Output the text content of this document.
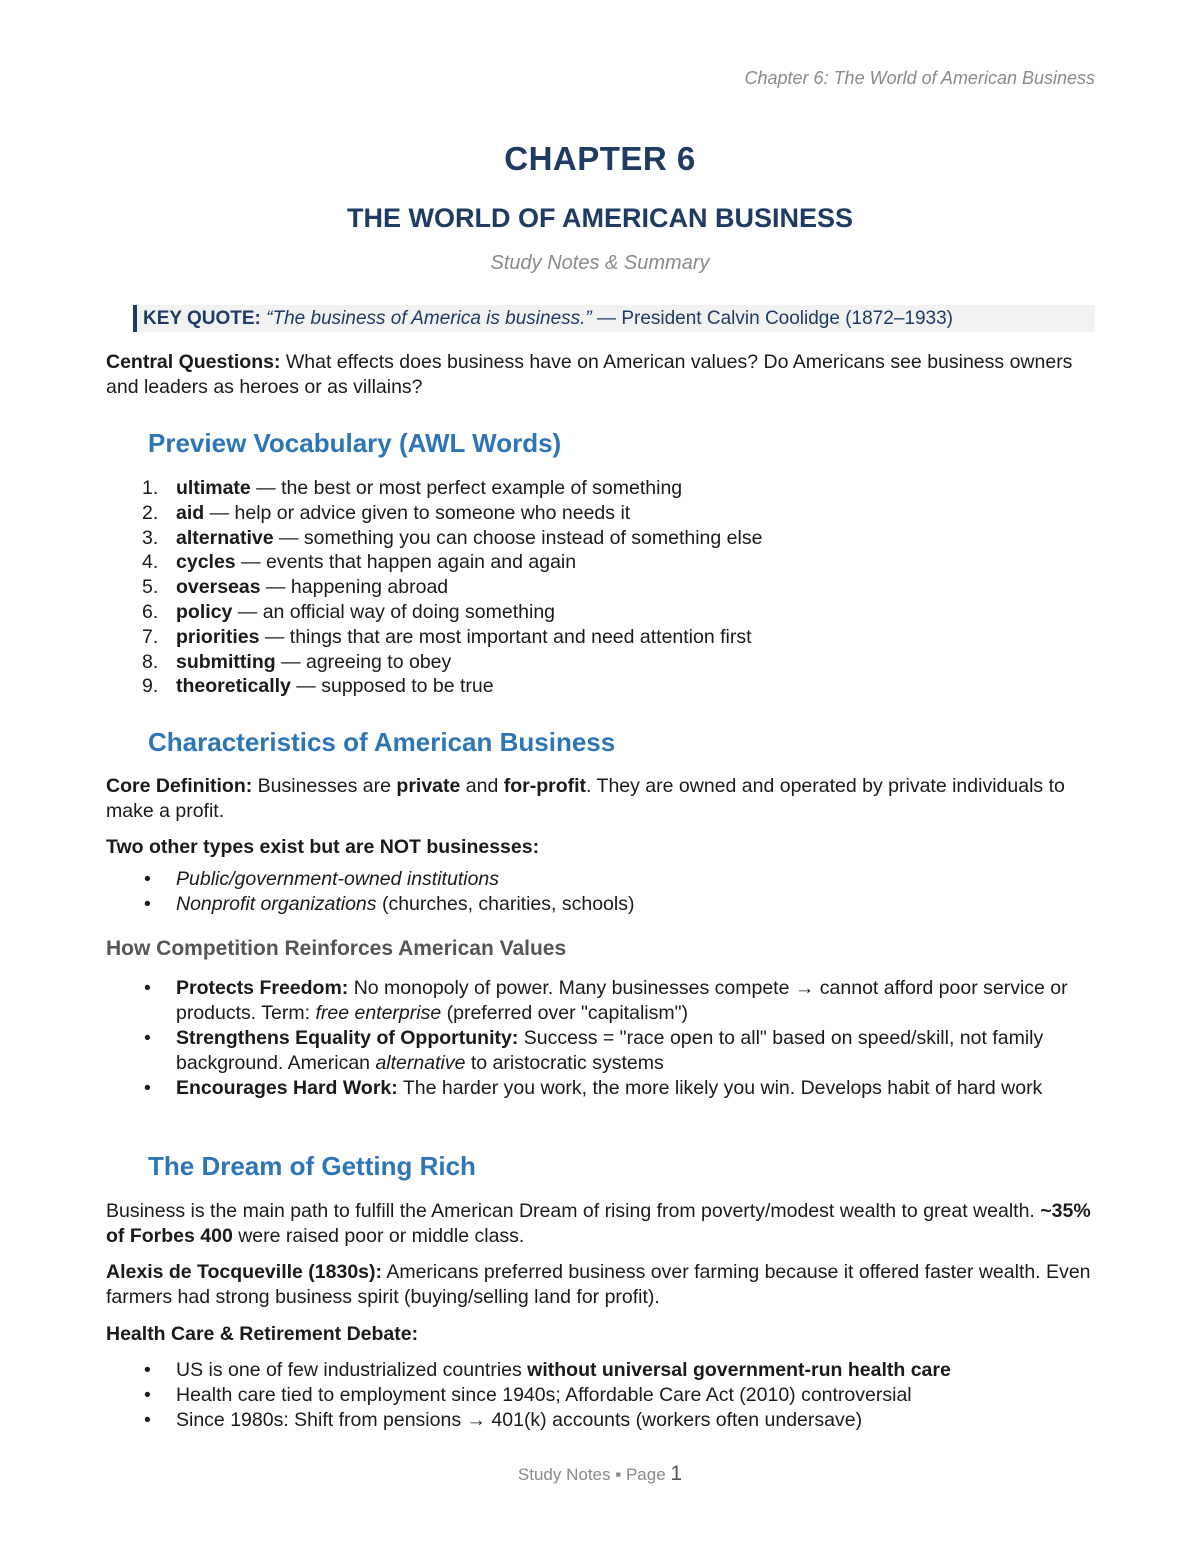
Chapter 6: The World of American Business
CHAPTER 6
THE WORLD OF AMERICAN BUSINESS
Study Notes & Summary
KEY QUOTE: “The business of America is business.” — President Calvin Coolidge (1872–1933)
Central Questions: What effects does business have on American values? Do Americans see business owners and leaders as heroes or as villains?
Preview Vocabulary (AWL Words)
1. ultimate — the best or most perfect example of something
2. aid — help or advice given to someone who needs it
3. alternative — something you can choose instead of something else
4. cycles — events that happen again and again
5. overseas — happening abroad
6. policy — an official way of doing something
7. priorities — things that are most important and need attention first
8. submitting — agreeing to obey
9. theoretically — supposed to be true
Characteristics of American Business
Core Definition: Businesses are private and for-profit. They are owned and operated by private individuals to make a profit.
Two other types exist but are NOT businesses:
• Public/government-owned institutions
• Nonprofit organizations (churches, charities, schools)
How Competition Reinforces American Values
• Protects Freedom: No monopoly of power. Many businesses compete → cannot afford poor service or products. Term: free enterprise (preferred over "capitalism")
• Strengthens Equality of Opportunity: Success = "race open to all" based on speed/skill, not family background. American alternative to aristocratic systems
• Encourages Hard Work: The harder you work, the more likely you win. Develops habit of hard work
The Dream of Getting Rich
Business is the main path to fulfill the American Dream of rising from poverty/modest wealth to great wealth. ~35% of Forbes 400 were raised poor or middle class.
Alexis de Tocqueville (1830s): Americans preferred business over farming because it offered faster wealth. Even farmers had strong business spirit (buying/selling land for profit).
Health Care & Retirement Debate:
• US is one of few industrialized countries without universal government-run health care
• Health care tied to employment since 1940s; Affordable Care Act (2010) controversial
• Since 1980s: Shift from pensions → 401(k) accounts (workers often undersave)
Study Notes ▪ Page 1
